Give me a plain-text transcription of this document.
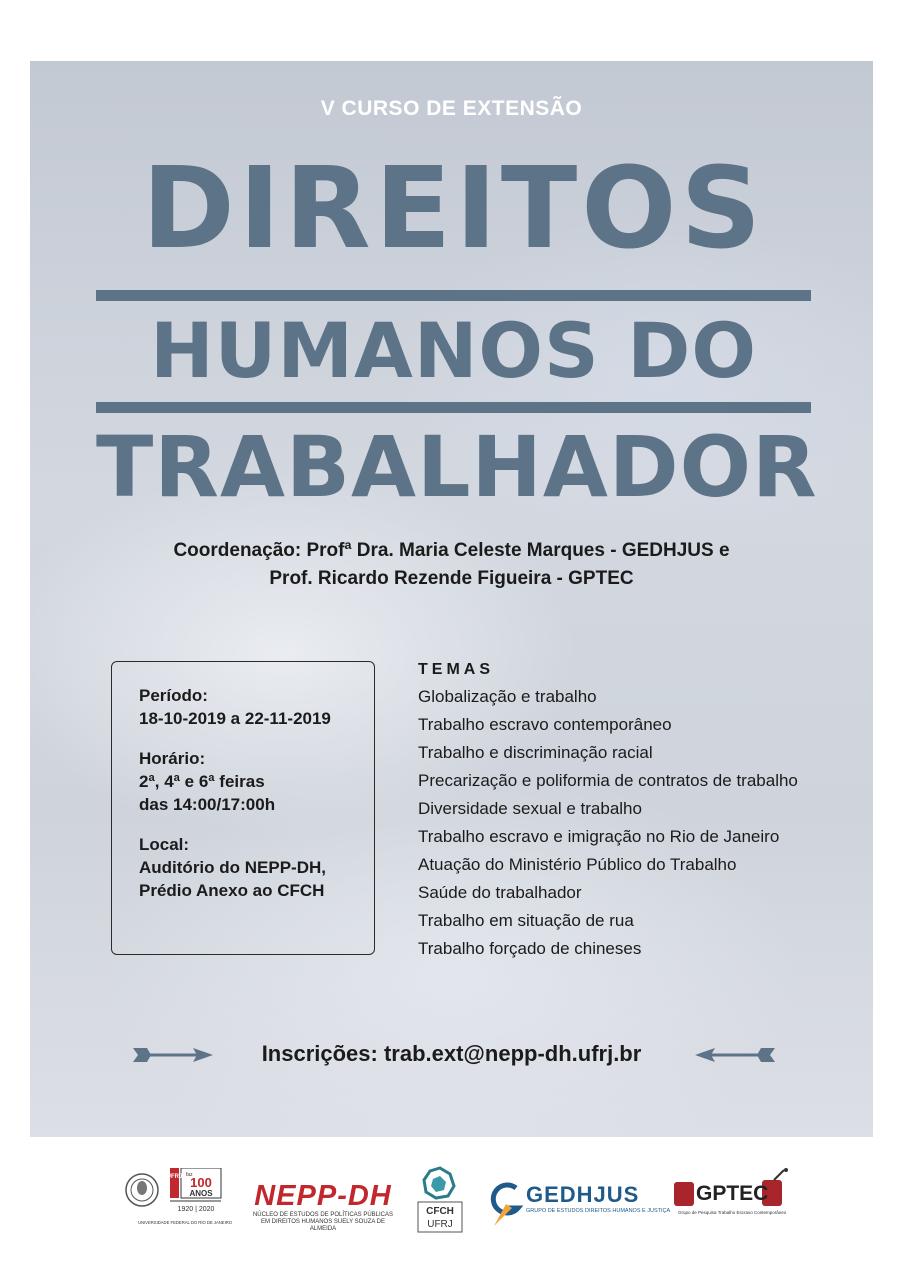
V CURSO DE EXTENSÃO
DIREITOS
HUMANOS DO
TRABALHADOR
Coordenação: Profª Dra. Maria Celeste Marques - GEDHJUS e
Prof. Ricardo Rezende Figueira - GPTEC
Período:
18-10-2019 a 22-11-2019
Horário:
2ª, 4ª e 6ª feiras
das 14:00/17:00h
Local:
Auditório do NEPP-DH,
Prédio Anexo ao CFCH
TEMAS
Globalização e trabalho
Trabalho escravo contemporâneo
Trabalho e discriminação racial
Precarização e poliformia de contratos de trabalho
Diversidade sexual e trabalho
Trabalho escravo e imigração no Rio de Janeiro
Atuação do Ministério Público do Trabalho
Saúde do trabalhador
Trabalho em situação de rua
Trabalho forçado de chineses
Inscrições: trab.ext@nepp-dh.ufrj.br
UFRJ faz
100
ANOS
1920 | 2020
UNIVERSIDADE FEDERAL DO RIO DE JANEIRO
NEPP-DH
NÚCLEO DE ESTUDOS DE POLÍTICAS PÚBLICAS
EM DIREITOS HUMANOS SUELY SOUZA DE ALMEIDA
CFCH
UFRJ
GEDHJUS
GRUPO DE ESTUDOS DIREITOS HUMANOS E JUSTIÇA
GPTEC
Grupo de Pesquisa Trabalho Escravo Contemporâneo
